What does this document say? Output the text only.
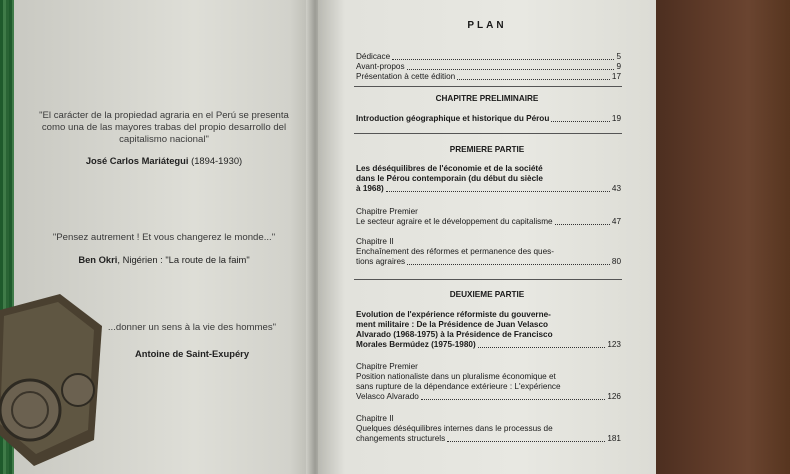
"El carácter de la propiedad agraria en el Perú se presenta
como una de las mayores trabas del propio desarrollo del
capitalismo nacional"
José Carlos Mariátegui (1894-1930)
"Pensez autrement ! Et vous changerez le monde..."
Ben Okri, Nigérien : "La route de la faim"
...donner un sens à la vie des hommes"
Antoine de Saint-Exupéry
PLAN
Dédicace	5
Avant-propos	9
Présentation à cette édition	17
CHAPITRE PRELIMINAIRE
Introduction géographique et historique du Pérou	19
PREMIERE PARTIE
Les déséquilibres de l'économie et de la société
dans le Pérou contemporain (du début du siècle
à 1968)	43
Chapitre Premier
Le secteur agraire et le développement du capitalisme	47
Chapitre II
Enchaînement des réformes et permanence des ques-
tions agraires	80
DEUXIEME PARTIE
Evolution de l'expérience réformiste du gouverne-
ment militaire : De la Présidence de Juan Velasco
Alvarado (1968-1975) à la Présidence de Francisco
Morales Bermúdez (1975-1980)	123
Chapitre Premier
Position nationaliste dans un pluralisme économique et
sans rupture de la dépendance extérieure : L'expérience
Velasco Alvarado	126
Chapitre II
Quelques déséquilibres internes dans le processus de
changements structurels	181
